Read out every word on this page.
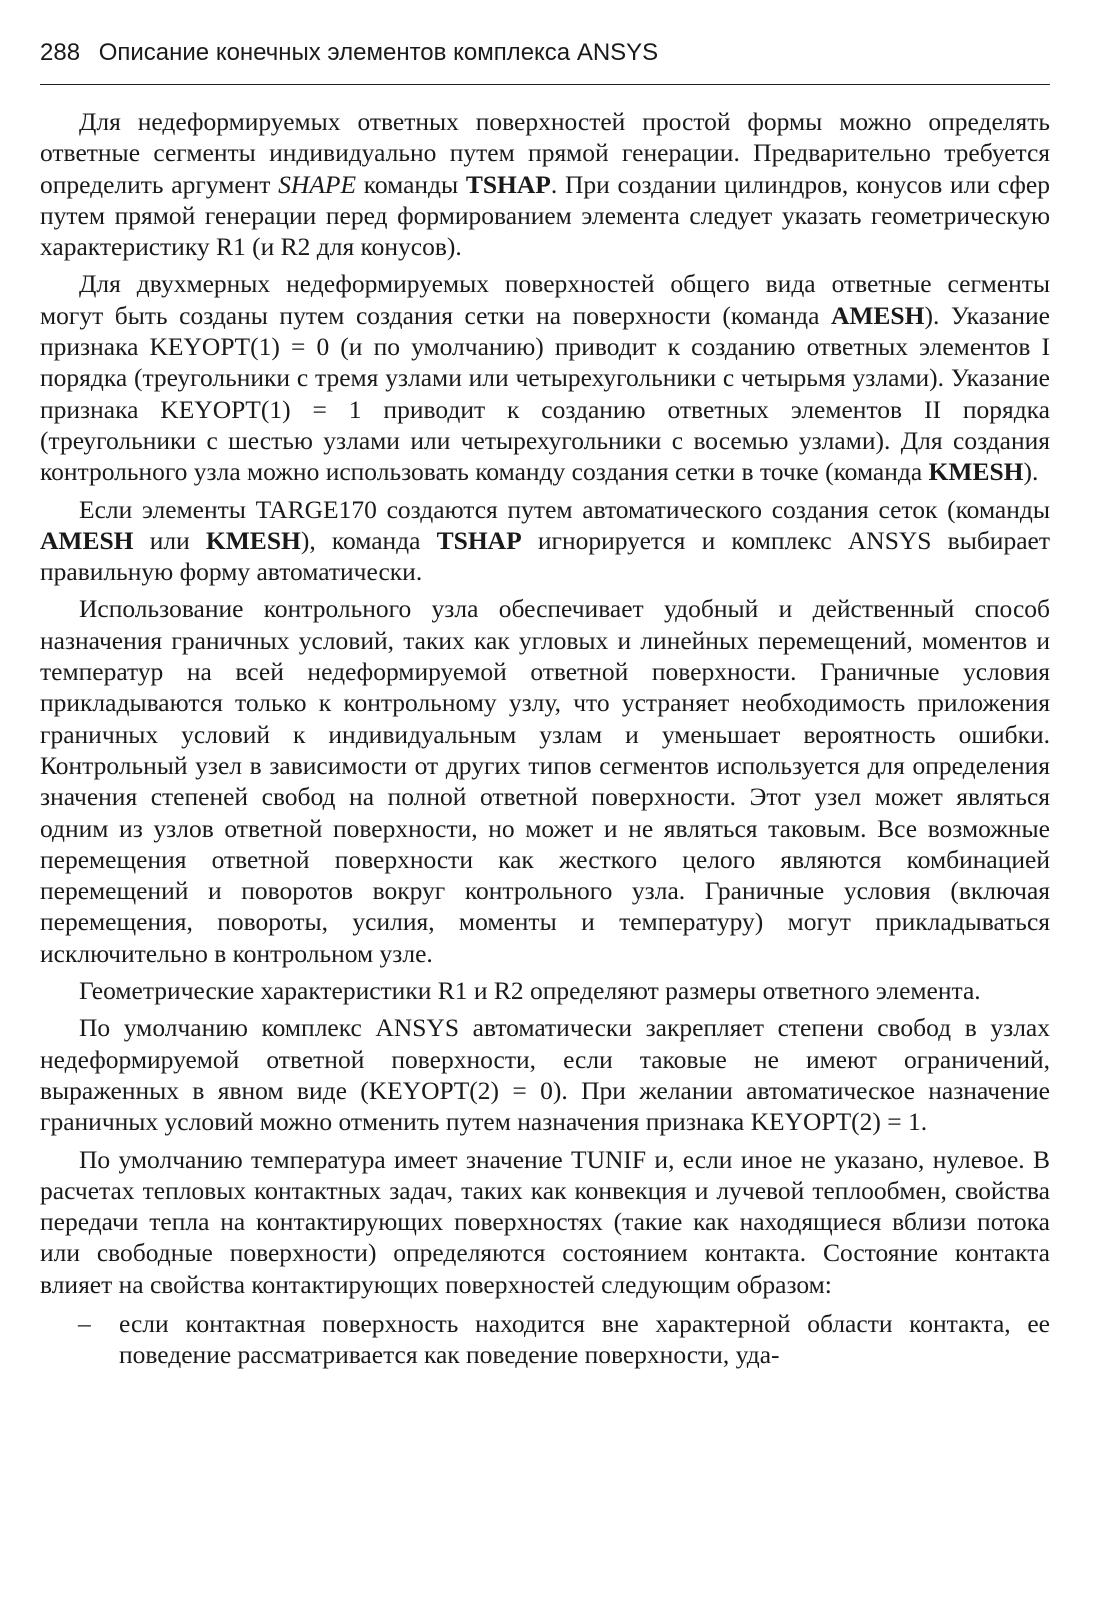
288 Описание конечных элементов комплекса ANSYS

Для недеформируемых ответных поверхностей простой формы можно определять ответные сегменты индивидуально путем прямой генерации. Предварительно требуется определить аргумент SHAPE команды TSHAP. При создании цилиндров, конусов или сфер путем прямой генерации перед формированием элемента следует указать геометрическую характеристику R1 (и R2 для конусов).

Для двухмерных недеформируемых поверхностей общего вида ответные сегменты могут быть созданы путем создания сетки на поверхности (команда AMESH). Указание признака KEYOPT(1) = 0 (и по умолчанию) приводит к созданию ответных элементов I порядка (треугольники с тремя узлами или четырехугольники с четырьмя узлами). Указание признака KEYOPT(1) = 1 приводит к созданию ответных элементов II порядка (треугольники с шестью узлами или четырехугольники с восемью узлами). Для создания контрольного узла можно использовать команду создания сетки в точке (команда KMESH).

Если элементы TARGE170 создаются путем автоматического создания сеток (команды AMESH или KMESH), команда TSHAP игнорируется и комплекс ANSYS выбирает правильную форму автоматически.

Использование контрольного узла обеспечивает удобный и действенный способ назначения граничных условий, таких как угловых и линейных перемещений, моментов и температур на всей недеформируемой ответной поверхности. Граничные условия прикладываются только к контрольному узлу, что устраняет необходимость приложения граничных условий к индивидуальным узлам и уменьшает вероятность ошибки. Контрольный узел в зависимости от других типов сегментов используется для определения значения степеней свобод на полной ответной поверхности. Этот узел может являться одним из узлов ответной поверхности, но может и не являться таковым. Все возможные перемещения ответной поверхности как жесткого целого являются комбинацией перемещений и поворотов вокруг контрольного узла. Граничные условия (включая перемещения, повороты, усилия, моменты и температуру) могут прикладываться исключительно в контрольном узле.

Геометрические характеристики R1 и R2 определяют размеры ответного элемента.

По умолчанию комплекс ANSYS автоматически закрепляет степени свобод в узлах недеформируемой ответной поверхности, если таковые не имеют ограничений, выраженных в явном виде (KEYOPT(2) = 0). При желании автоматическое назначение граничных условий можно отменить путем назначения признака KEYOPT(2) = 1.

По умолчанию температура имеет значение TUNIF и, если иное не указано, нулевое. В расчетах тепловых контактных задач, таких как конвекция и лучевой теплообмен, свойства передачи тепла на контактирующих поверхностях (такие как находящиеся вблизи потока или свободные поверхности) определяются состоянием контакта. Состояние контакта влияет на свойства контактирующих поверхностей следующим образом:

–	если контактная поверхность находится вне характерной области контакта, ее поведение рассматривается как поведение поверхности, уда-
